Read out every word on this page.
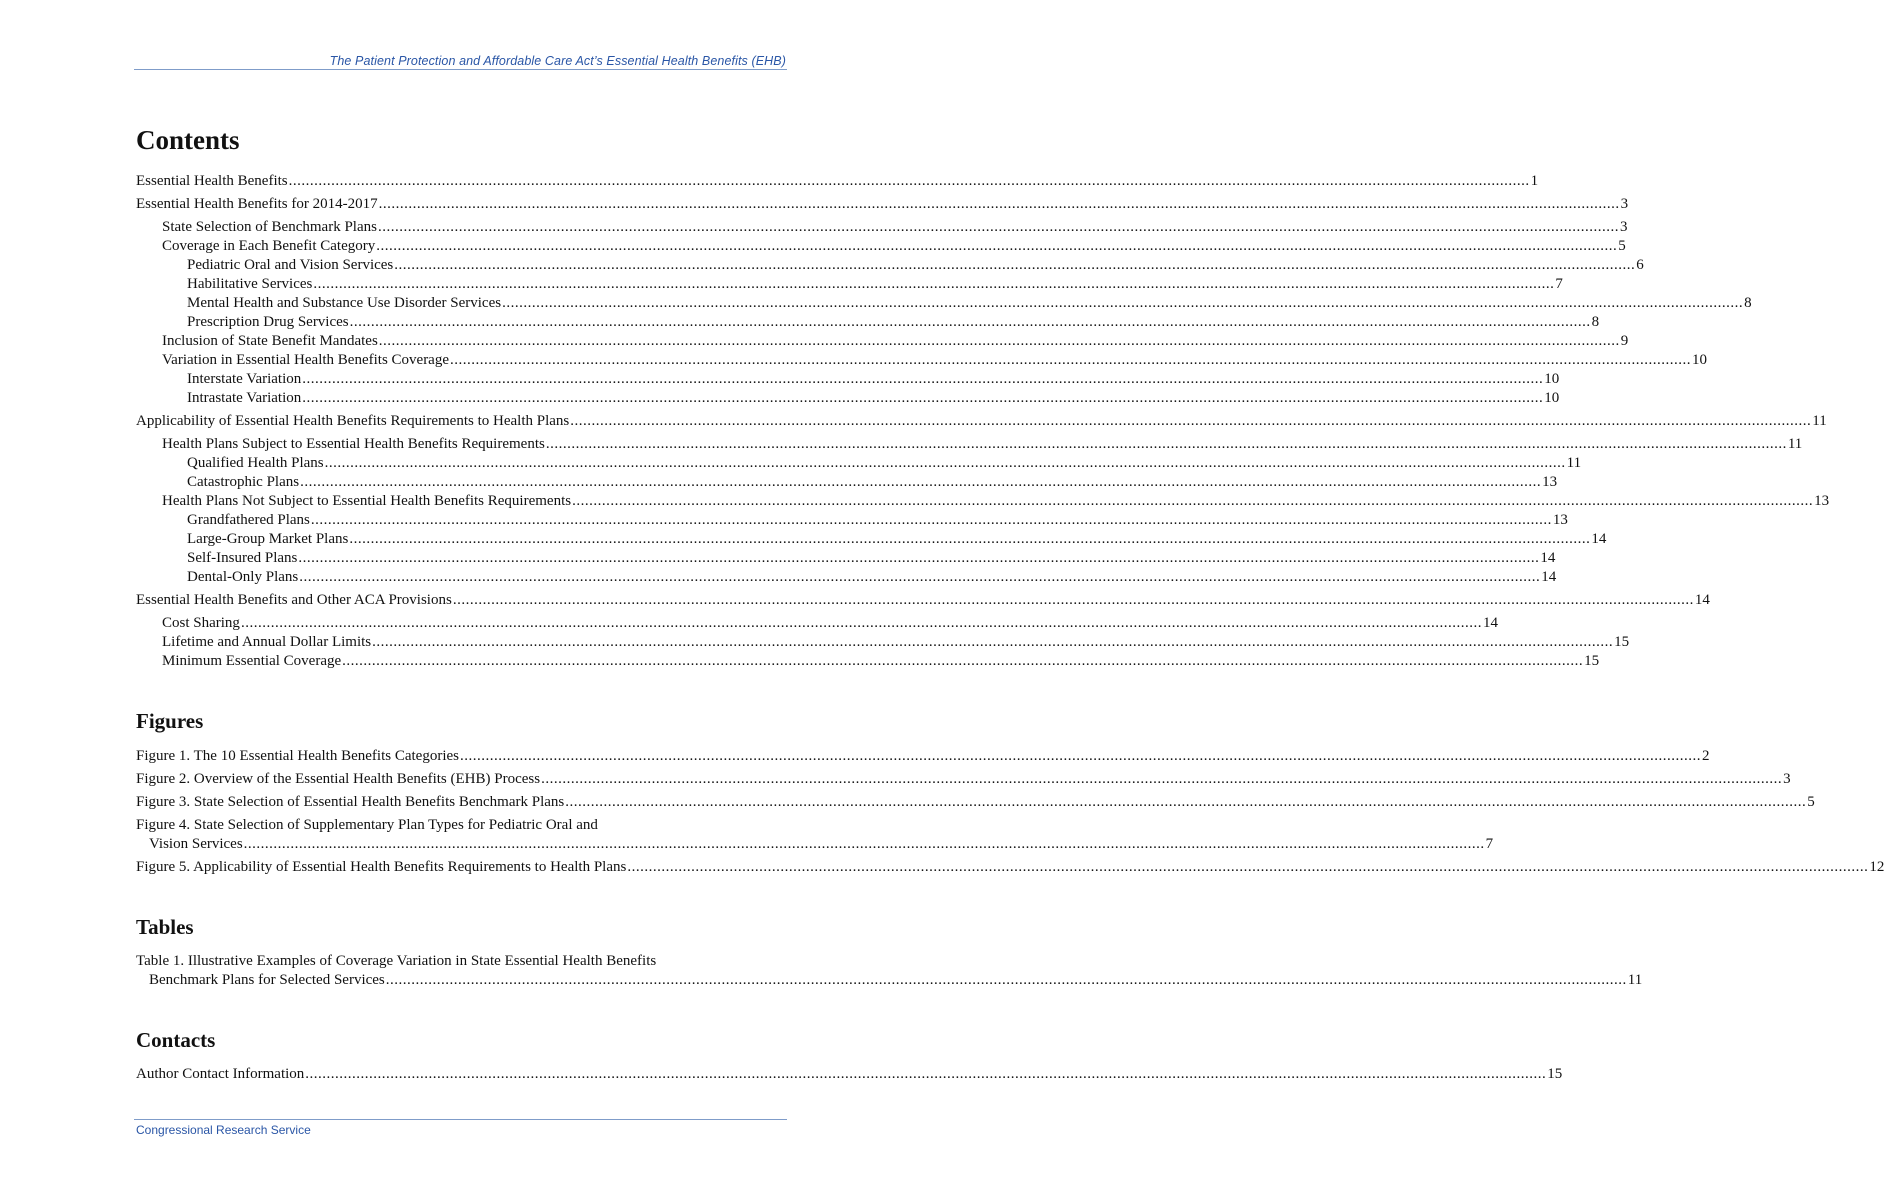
The Patient Protection and Affordable Care Act’s Essential Health Benefits (EHB)
Contents
Essential Health Benefits .....	1
Essential Health Benefits for 2014-2017 .....	3
State Selection of Benchmark Plans .....	3
Coverage in Each Benefit Category .....	5
Pediatric Oral and Vision Services .....	6
Habilitative Services .....	7
Mental Health and Substance Use Disorder Services .....	8
Prescription Drug Services .....	8
Inclusion of State Benefit Mandates .....	9
Variation in Essential Health Benefits Coverage .....	10
Interstate Variation .....	10
Intrastate Variation .....	10
Applicability of Essential Health Benefits Requirements to Health Plans .....	11
Health Plans Subject to Essential Health Benefits Requirements .....	11
Qualified Health Plans .....	11
Catastrophic Plans .....	13
Health Plans Not Subject to Essential Health Benefits Requirements .....	13
Grandfathered Plans .....	13
Large-Group Market Plans .....	14
Self-Insured Plans .....	14
Dental-Only Plans .....	14
Essential Health Benefits and Other ACA Provisions .....	14
Cost Sharing .....	14
Lifetime and Annual Dollar Limits .....	15
Minimum Essential Coverage .....	15
Figures
Figure 1. The 10 Essential Health Benefits Categories .....	2
Figure 2. Overview of the Essential Health Benefits (EHB) Process .....	3
Figure 3. State Selection of Essential Health Benefits Benchmark Plans .....	5
Figure 4. State Selection of Supplementary Plan Types for Pediatric Oral and
Vision Services .....	7
Figure 5. Applicability of Essential Health Benefits Requirements to Health Plans .....	12
Tables
Table 1. Illustrative Examples of Coverage Variation in State Essential Health Benefits
Benchmark Plans for Selected Services .....	11
Contacts
Author Contact Information .....	15
Congressional Research Service
